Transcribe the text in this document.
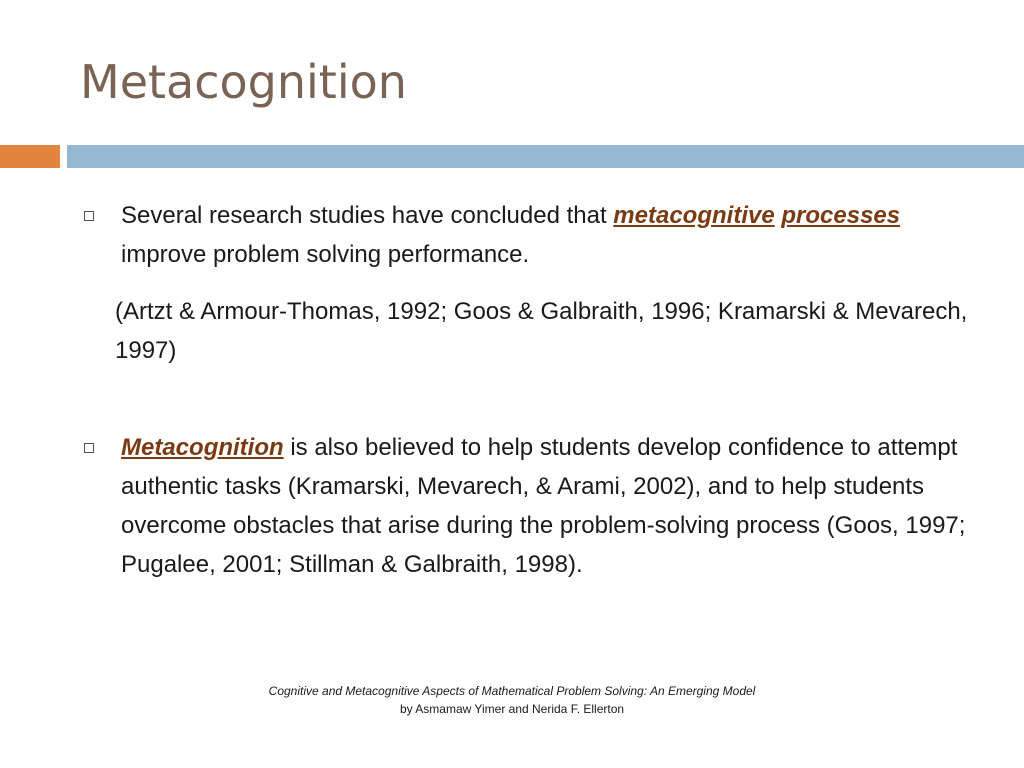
Metacognition
Several research studies have concluded that metacognitive processes improve problem solving performance.
(Artzt & Armour-Thomas, 1992; Goos & Galbraith, 1996; Kramarski & Mevarech, 1997)
Metacognition is also believed to help students develop confidence to attempt authentic tasks (Kramarski, Mevarech, & Arami, 2002), and to help students overcome obstacles that arise during the problem-solving process (Goos, 1997; Pugalee, 2001; Stillman & Galbraith, 1998).
Cognitive and Metacognitive Aspects of Mathematical Problem Solving: An Emerging Model
by Asmamaw Yimer and Nerida F. Ellerton
